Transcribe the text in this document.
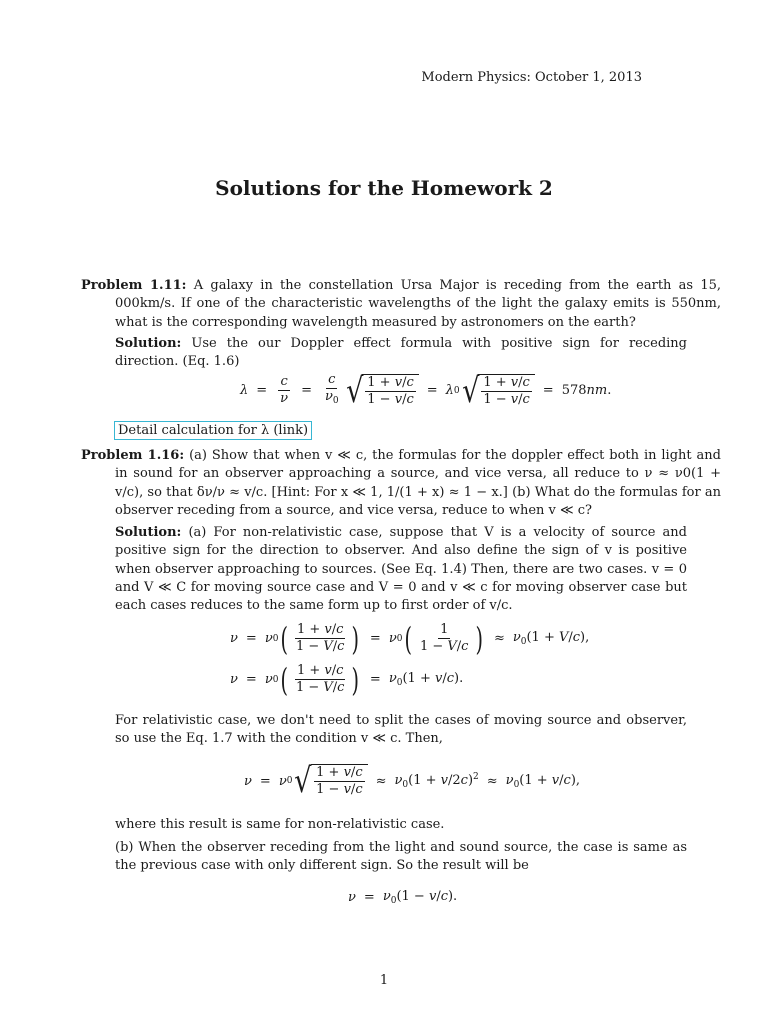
Modern Physics: October 1, 2013
Solutions for the Homework 2
Problem 1.11: A galaxy in the constellation Ursa Major is receding from the earth as 15, 000km/s. If one of the characteristic wavelengths of the light the galaxy emits is 550nm, what is the corresponding wavelength measured by astronomers on the earth?
Solution: Use the our Doppler effect formula with positive sign for receding direction. (Eq. 1.6)
$\lambda = \frac{c}{\nu} = \frac{c}{\nu_0}$ √ $\frac{1 + v/c}{1 - v/c} = \lambda$ 0 √ $\frac{1 + v/c}{1 - v/c} = 578nm$.
Detail calculation for λ (link)
Problem 1.16: (a) Show that when v ≪ c, the formulas for the doppler effect both in light and in sound for an observer approaching a source, and vice versa, all reduce to ν ≈ ν0(1 + v/c), so that δν/ν ≈ v/c. [Hint: For x ≪ 1, 1/(1 + x) ≈ 1 − x.] (b) What do the formulas for an observer receding from a source, and vice versa, reduce to when v ≪ c?
Solution: (a) For non-relativistic case, suppose that V is a velocity of source and positive sign for the direction to observer. And also define the sign of v is positive when observer approaching to sources. (See Eq. 1.4) Then, there are two cases. v = 0 and V ≪ C for moving source case and V = 0 and v ≪ c for moving observer case but each cases reduces to the same form up to first order of v/c.
ν = ν 0 ( $\frac{1 + v/c}{1 - V/c}$ ) = ν 0 ( $\frac{1}{1 - V/c}$ ) ≈ $\nu_0(1 + V/c)$,
ν = ν 0 ( $\frac{1 + v/c}{1 - V/c}$ ) = $\nu_0(1 + v/c)$.
For relativistic case, we don't need to split the cases of moving source and observer, so use the Eq. 1.7 with the condition v ≪ c. Then,
ν = ν 0 √ $\frac{1 + v/c}{1 - v/c} \approx \nu_0(1 + v/2c)^2 \approx \nu_0(1 + v/c)$,
where this result is same for non-relativistic case.
(b) When the observer receding from the light and sound source, the case is same as the previous case with only different sign. So the result will be
$\nu = \nu_0(1 - v/c)$.
1
